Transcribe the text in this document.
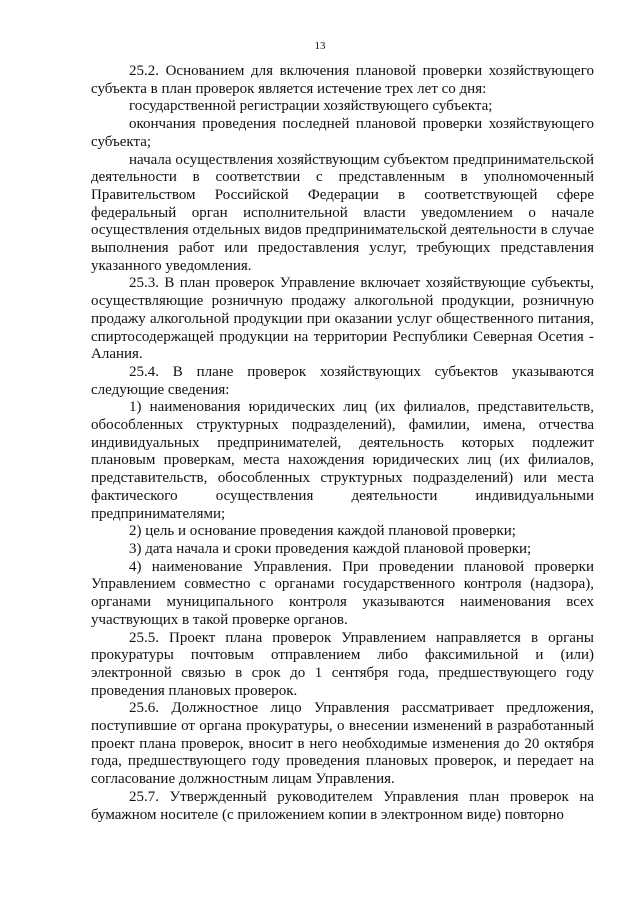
13

25.2. Основанием для включения плановой проверки хозяйствующего субъекта в план проверок является истечение трех лет со дня:

государственной регистрации хозяйствующего субъекта;

окончания проведения последней плановой проверки хозяйствующего субъекта;

начала осуществления хозяйствующим субъектом предпринимательской деятельности в соответствии с представленным в уполномоченный Правительством Российской Федерации в соответствующей сфере федеральный орган исполнительной власти уведомлением о начале осуществления отдельных видов предпринимательской деятельности в случае выполнения работ или предоставления услуг, требующих представления указанного уведомления.

25.3. В план проверок Управление включает хозяйствующие субъекты, осуществляющие розничную продажу алкогольной продукции, розничную продажу алкогольной продукции при оказании услуг общественного питания, спиртосодержащей продукции на территории Республики Северная Осетия - Алания.

25.4. В плане проверок хозяйствующих субъектов указываются следующие сведения:

1) наименования юридических лиц (их филиалов, представительств, обособленных структурных подразделений), фамилии, имена, отчества индивидуальных предпринимателей, деятельность которых подлежит плановым проверкам, места нахождения юридических лиц (их филиалов, представительств, обособленных структурных подразделений) или места фактического осуществления деятельности индивидуальными предпринимателями;

2) цель и основание проведения каждой плановой проверки;

3) дата начала и сроки проведения каждой плановой проверки;

4) наименование Управления. При проведении плановой проверки Управлением совместно с органами государственного контроля (надзора), органами муниципального контроля указываются наименования всех участвующих в такой проверке органов.

25.5. Проект плана проверок Управлением направляется в органы прокуратуры почтовым отправлением либо факсимильной и (или) электронной связью в срок до 1 сентября года, предшествующего году проведения плановых проверок.

25.6. Должностное лицо Управления рассматривает предложения, поступившие от органа прокуратуры, о внесении изменений в разработанный проект плана проверок, вносит в него необходимые изменения до 20 октября года, предшествующего году проведения плановых проверок, и передает на согласование должностным лицам Управления.

25.7. Утвержденный руководителем Управления план проверок на бумажном носителе (с приложением копии в электронном виде) повторно
